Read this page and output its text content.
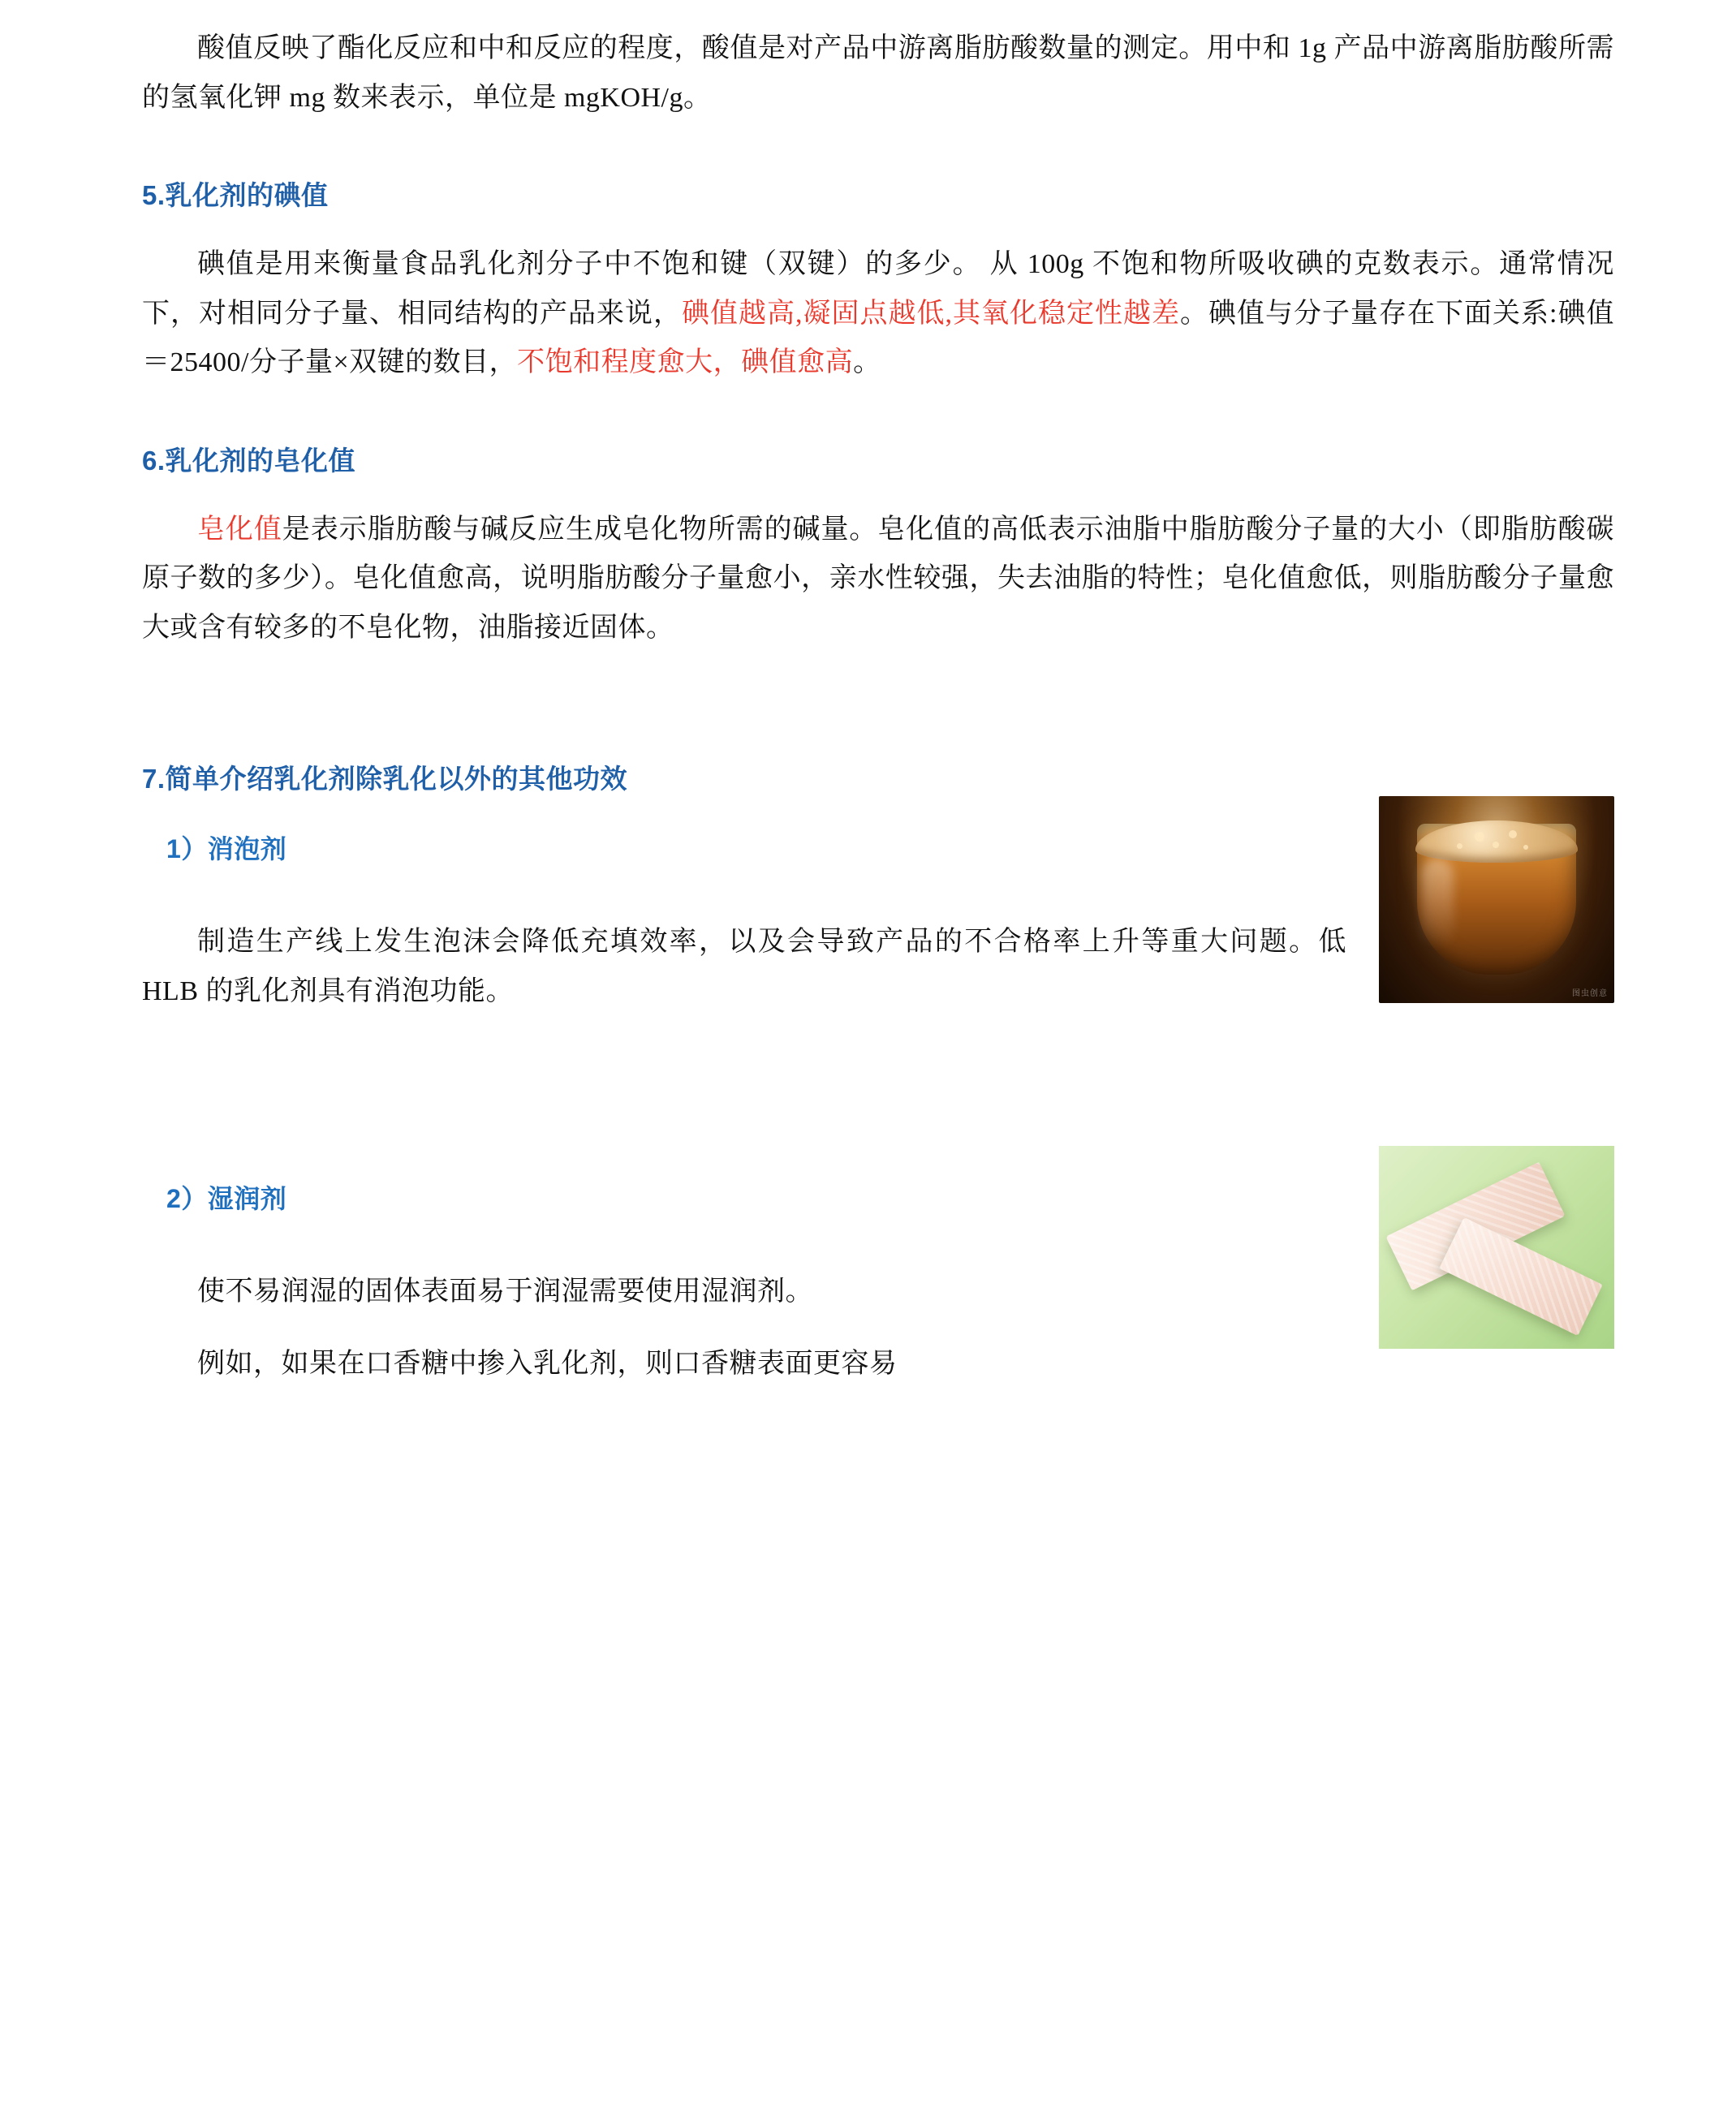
酸值反映了酯化反应和中和反应的程度，酸值是对产品中游离脂肪酸数量的测定。用中和 1g 产品中游离脂肪酸所需的氢氧化钾 mg 数来表示，单位是 mgKOH/g。

5.乳化剂的碘值

碘值是用来衡量食品乳化剂分子中不饱和键（双键）的多少。 从 100g 不饱和物所吸收碘的克数表示。通常情况下，对相同分子量、相同结构的产品来说，碘值越高,凝固点越低,其氧化稳定性越差。碘值与分子量存在下面关系:碘值 ＝25400/分子量×双键的数目，不饱和程度愈大，碘值愈高。

6.乳化剂的皂化值

皂化值是表示脂肪酸与碱反应生成皂化物所需的碱量。皂化值的高低表示油脂中脂肪酸分子量的大小（即脂肪酸碳原子数的多少）。皂化值愈高，说明脂肪酸分子量愈小，亲水性较强，失去油脂的特性；皂化值愈低，则脂肪酸分子量愈大或含有较多的不皂化物，油脂接近固体。

7.简单介绍乳化剂除乳化以外的其他功效
图虫创意
1）消泡剂

制造生产线上发生泡沫会降低充填效率，以及会导致产品的不合格率上升等重大问题。低 HLB 的乳化剂具有消泡功能。

2）湿润剂

使不易润湿的固体表面易于润湿需要使用湿润剂。

例如，如果在口香糖中掺入乳化剂，则口香糖表面更容易
